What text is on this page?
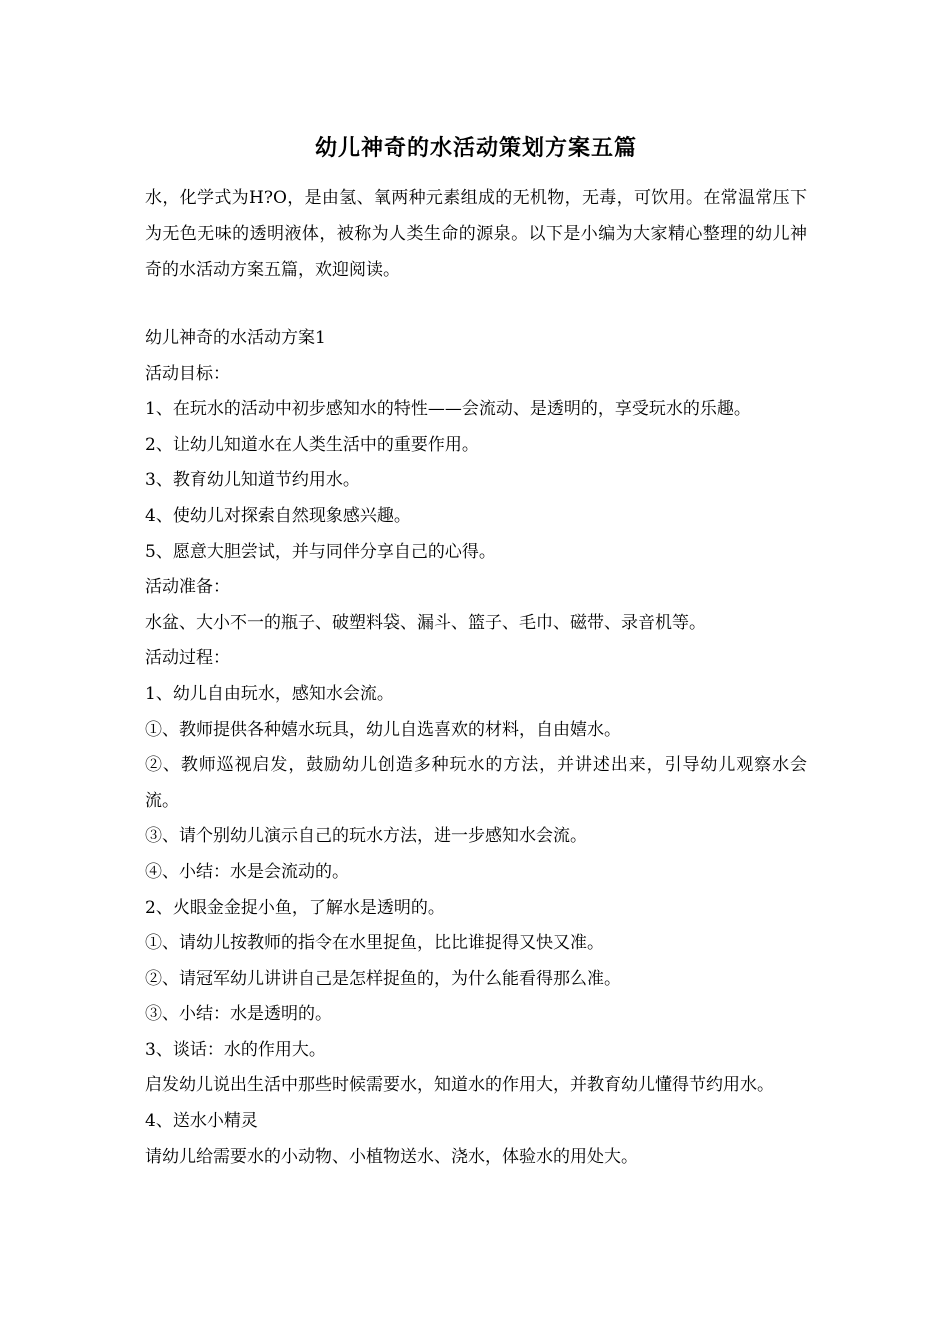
幼儿神奇的水活动策划方案五篇

水，化学式为H?O，是由氢、氧两种元素组成的无机物，无毒，可饮用。在常温常压下为无色无味的透明液体，被称为人类生命的源泉。以下是小编为大家精心整理的幼儿神奇的水活动方案五篇，欢迎阅读。

幼儿神奇的水活动方案1

活动目标：

1、在玩水的活动中初步感知水的特性——会流动、是透明的，享受玩水的乐趣。

2、让幼儿知道水在人类生活中的重要作用。

3、教育幼儿知道节约用水。

4、使幼儿对探索自然现象感兴趣。

5、愿意大胆尝试，并与同伴分享自己的心得。

活动准备：

水盆、大小不一的瓶子、破塑料袋、漏斗、篮子、毛巾、磁带、录音机等。

活动过程：

1、幼儿自由玩水，感知水会流。

①、教师提供各种嬉水玩具，幼儿自选喜欢的材料，自由嬉水。

②、教师巡视启发，鼓励幼儿创造多种玩水的方法，并讲述出来，引导幼儿观察水会流。

③、请个别幼儿演示自己的玩水方法，进一步感知水会流。

④、小结：水是会流动的。

2、火眼金金捉小鱼，了解水是透明的。

①、请幼儿按教师的指令在水里捉鱼，比比谁捉得又快又准。

②、请冠军幼儿讲讲自己是怎样捉鱼的，为什么能看得那么准。

③、小结：水是透明的。

3、谈话：水的作用大。

启发幼儿说出生活中那些时候需要水，知道水的作用大，并教育幼儿懂得节约用水。

4、送水小精灵

请幼儿给需要水的小动物、小植物送水、浇水，体验水的用处大。
